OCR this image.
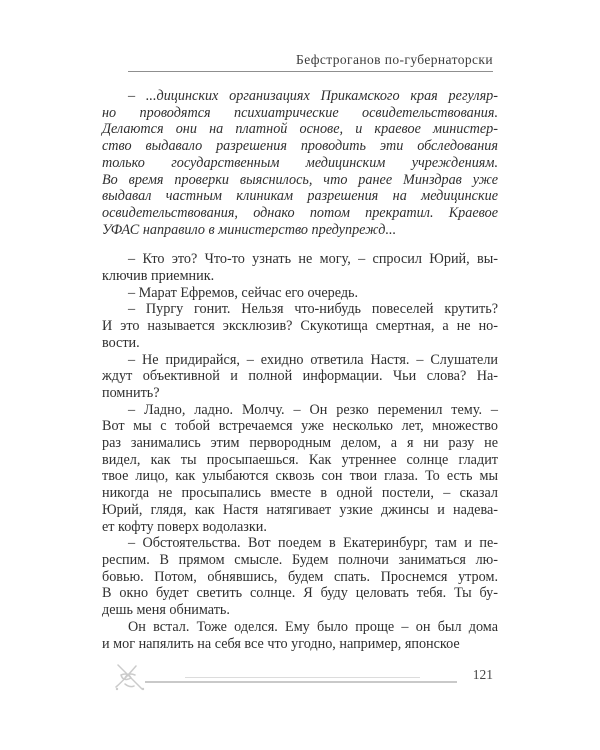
Бефстроганов по-губернаторски
– ...дицинских организациях Прикамского края регуляр-
но проводятся психиатрические освидетельствования.
Делаются они на платной основе, и краевое министер-
ство выдавало разрешения проводить эти обследования
только государственным медицинским учреждениям.
Во время проверки выяснилось, что ранее Минздрав уже
выдавал частным клиникам разрешения на медицинские
освидетельствования, однако потом прекратил. Краевое
УФАС направило в министерство предупрежд...
– Кто это? Что-то узнать не могу, – спросил Юрий, вы-
ключив приемник.
– Марат Ефремов, сейчас его очередь.
– Пургу гонит. Нельзя что-нибудь повеселей крутить?
И это называется эксклюзив? Скукотища смертная, а не но-
вости.
– Не придирайся, – ехидно ответила Настя. – Слушатели
ждут объективной и полной информации. Чьи слова? На-
помнить?
– Ладно, ладно. Молчу. – Он резко переменил тему. –
Вот мы с тобой встречаемся уже несколько лет, множество
раз занимались этим первородным делом, а я ни разу не
видел, как ты просыпаешься. Как утреннее солнце гладит
твое лицо, как улыбаются сквозь сон твои глаза. То есть мы
никогда не просыпались вместе в одной постели, – сказал
Юрий, глядя, как Настя натягивает узкие джинсы и надева-
ет кофту поверх водолазки.
– Обстоятельства. Вот поедем в Екатеринбург, там и пе-
респим. В прямом смысле. Будем полночи заниматься лю-
бовью. Потом, обнявшись, будем спать. Проснемся утром.
В окно будет светить солнце. Я буду целовать тебя. Ты бу-
дешь меня обнимать.
Он встал. Тоже оделся. Ему было проще – он был дома
и мог напялить на себя все что угодно, например, японское
121
